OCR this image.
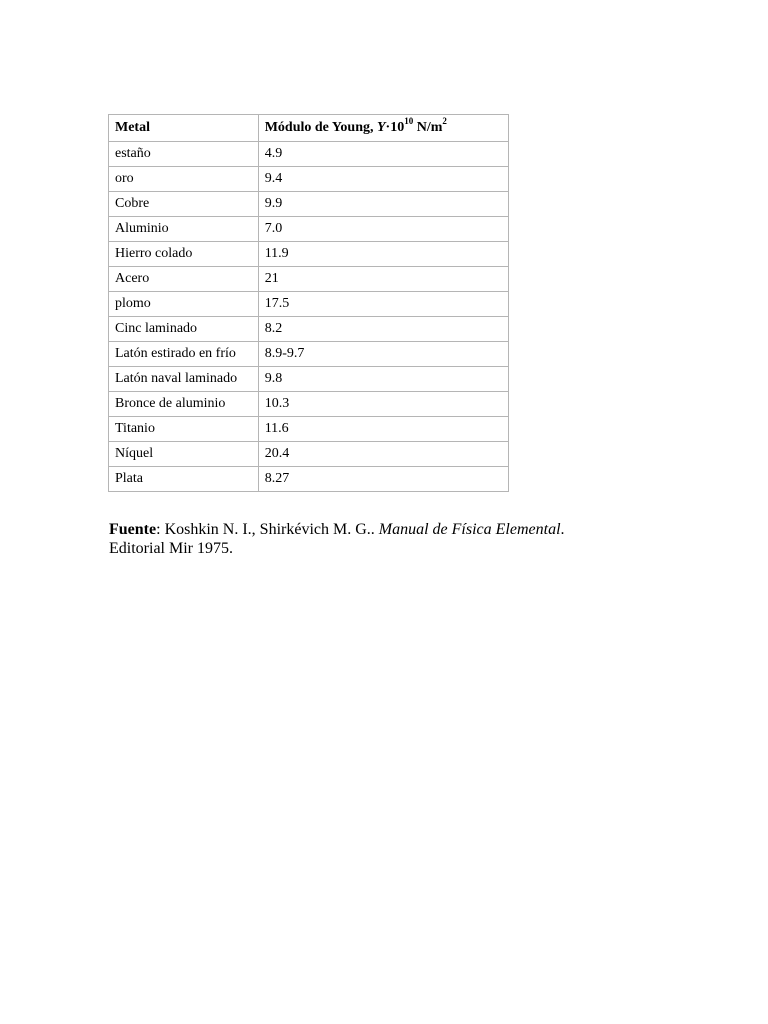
Metal	Módulo de Young, $Y\cdot 10^{10}$ $N/m^2$
estaño	4.9
oro	9.4
Cobre	9.9
Aluminio	7.0
Hierro colado	11.9
Acero	21
plomo	17.5
Cinc laminado	8.2
Latón estirado en frío	8.9-9.7
Latón naval laminado	9.8
Bronce de aluminio	10.3
Titanio	11.6
Níquel	20.4
Plata	8.27
Fuente: Koshkin N. I., Shirkévich M. G.. Manual de Física Elemental.
Editorial Mir 1975.
